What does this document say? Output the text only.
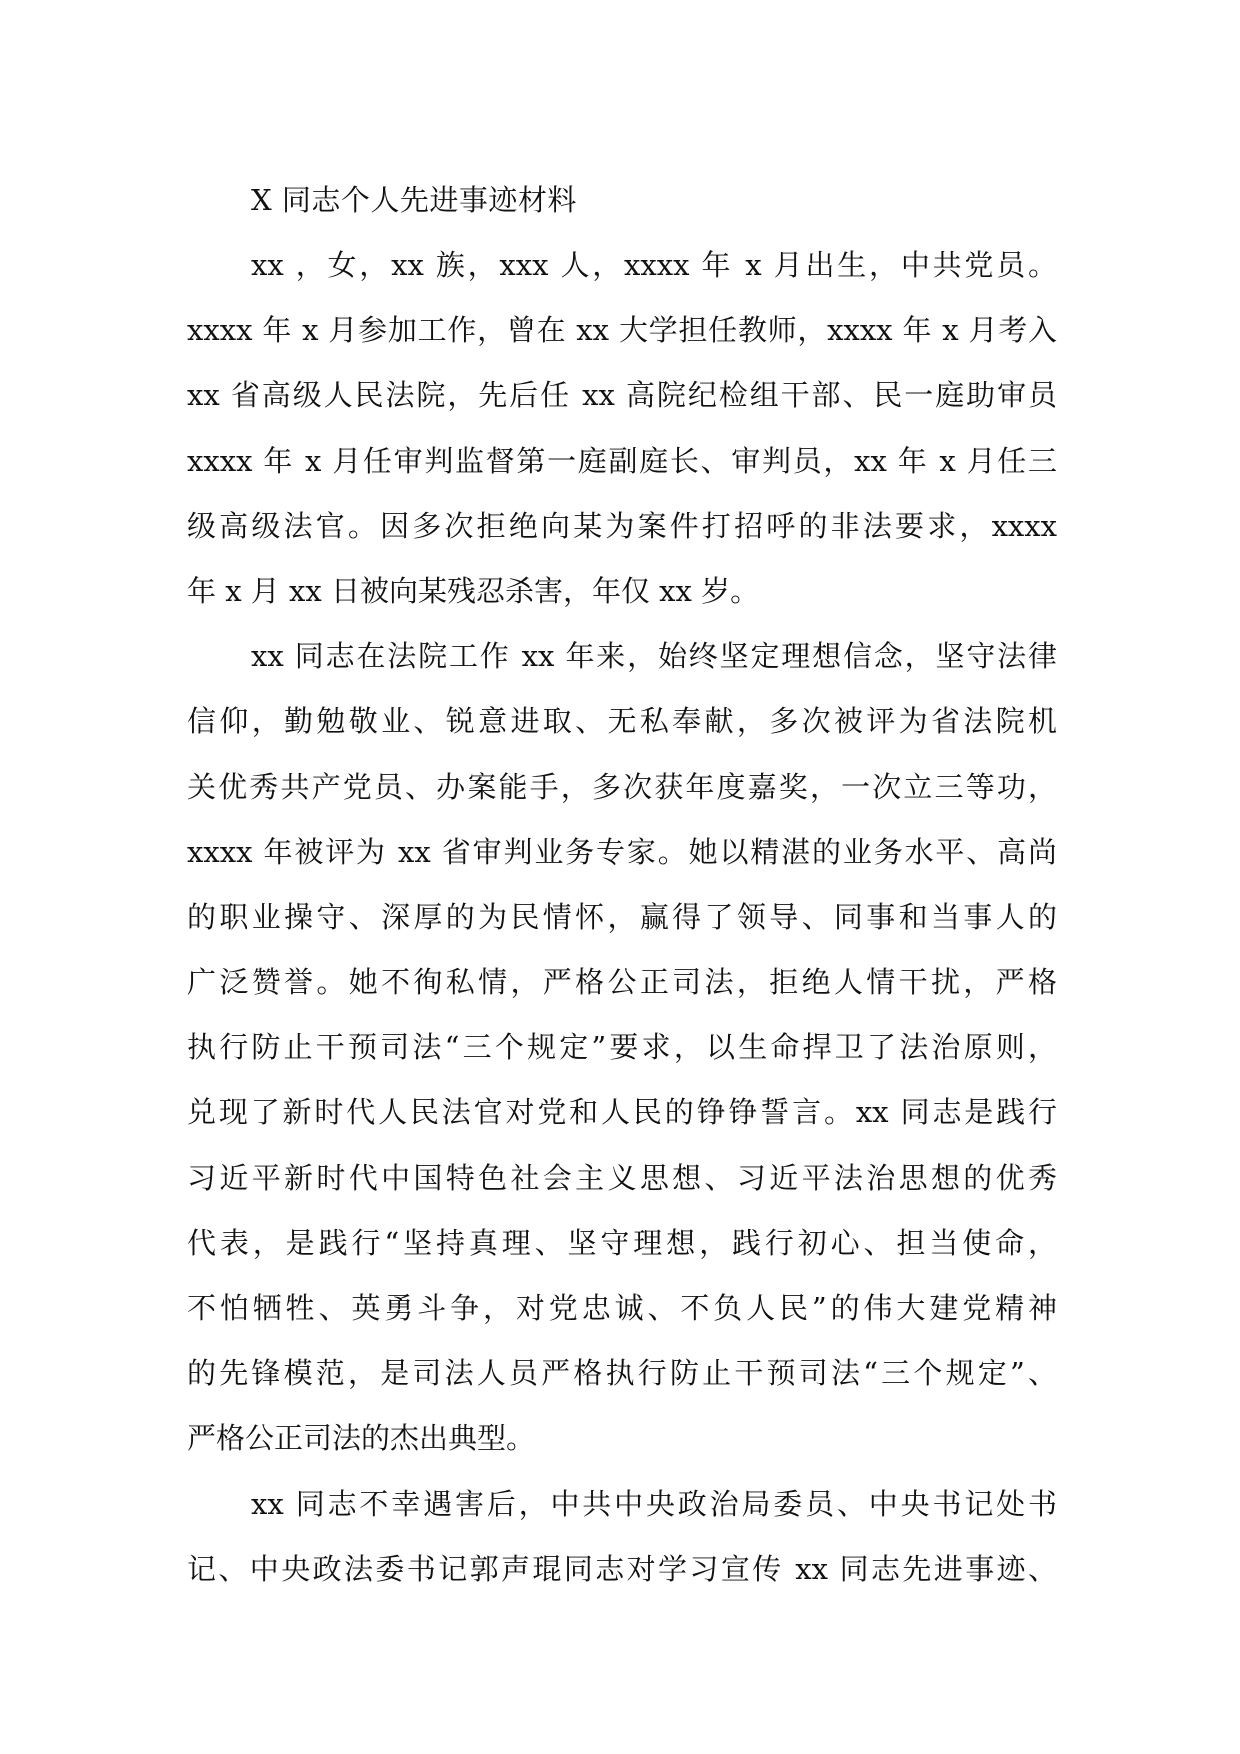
X 同志个人先进事迹材料
xx ，女，xx 族，xxx 人，xxxx 年 x 月出生，中共党员。
xxxx 年 x 月参加工作，曾在 xx 大学担任教师，xxxx 年 x 月考入
xx 省高级人民法院，先后任 xx 高院纪检组干部、民一庭助审员
xxxx 年 x 月任审判监督第一庭副庭长、审判员，xx 年 x 月任三
级高级法官。因多次拒绝向某为案件打招呼的非法要求，xxxx
年 x 月 xx 日被向某残忍杀害，年仅 xx 岁。
xx 同志在法院工作 xx 年来，始终坚定理想信念，坚守法律
信仰，勤勉敬业、锐意进取、无私奉献，多次被评为省法院机
关优秀共产党员、办案能手，多次获年度嘉奖，一次立三等功，
xxxx 年被评为 xx 省审判业务专家。她以精湛的业务水平、高尚
的职业操守、深厚的为民情怀，赢得了领导、同事和当事人的
广泛赞誉。她不徇私情，严格公正司法，拒绝人情干扰，严格
执行防止干预司法“三个规定”要求，以生命捍卫了法治原则，
兑现了新时代人民法官对党和人民的铮铮誓言。xx 同志是践行
习近平新时代中国特色社会主义思想、习近平法治思想的优秀
代表，是践行“坚持真理、坚守理想，践行初心、担当使命，
不怕牺牲、英勇斗争，对党忠诚、不负人民”的伟大建党精神
的先锋模范，是司法人员严格执行防止干预司法“三个规定”、
严格公正司法的杰出典型。
xx 同志不幸遇害后，中共中央政治局委员、中央书记处书
记、中央政法委书记郭声琨同志对学习宣传 xx 同志先进事迹、
